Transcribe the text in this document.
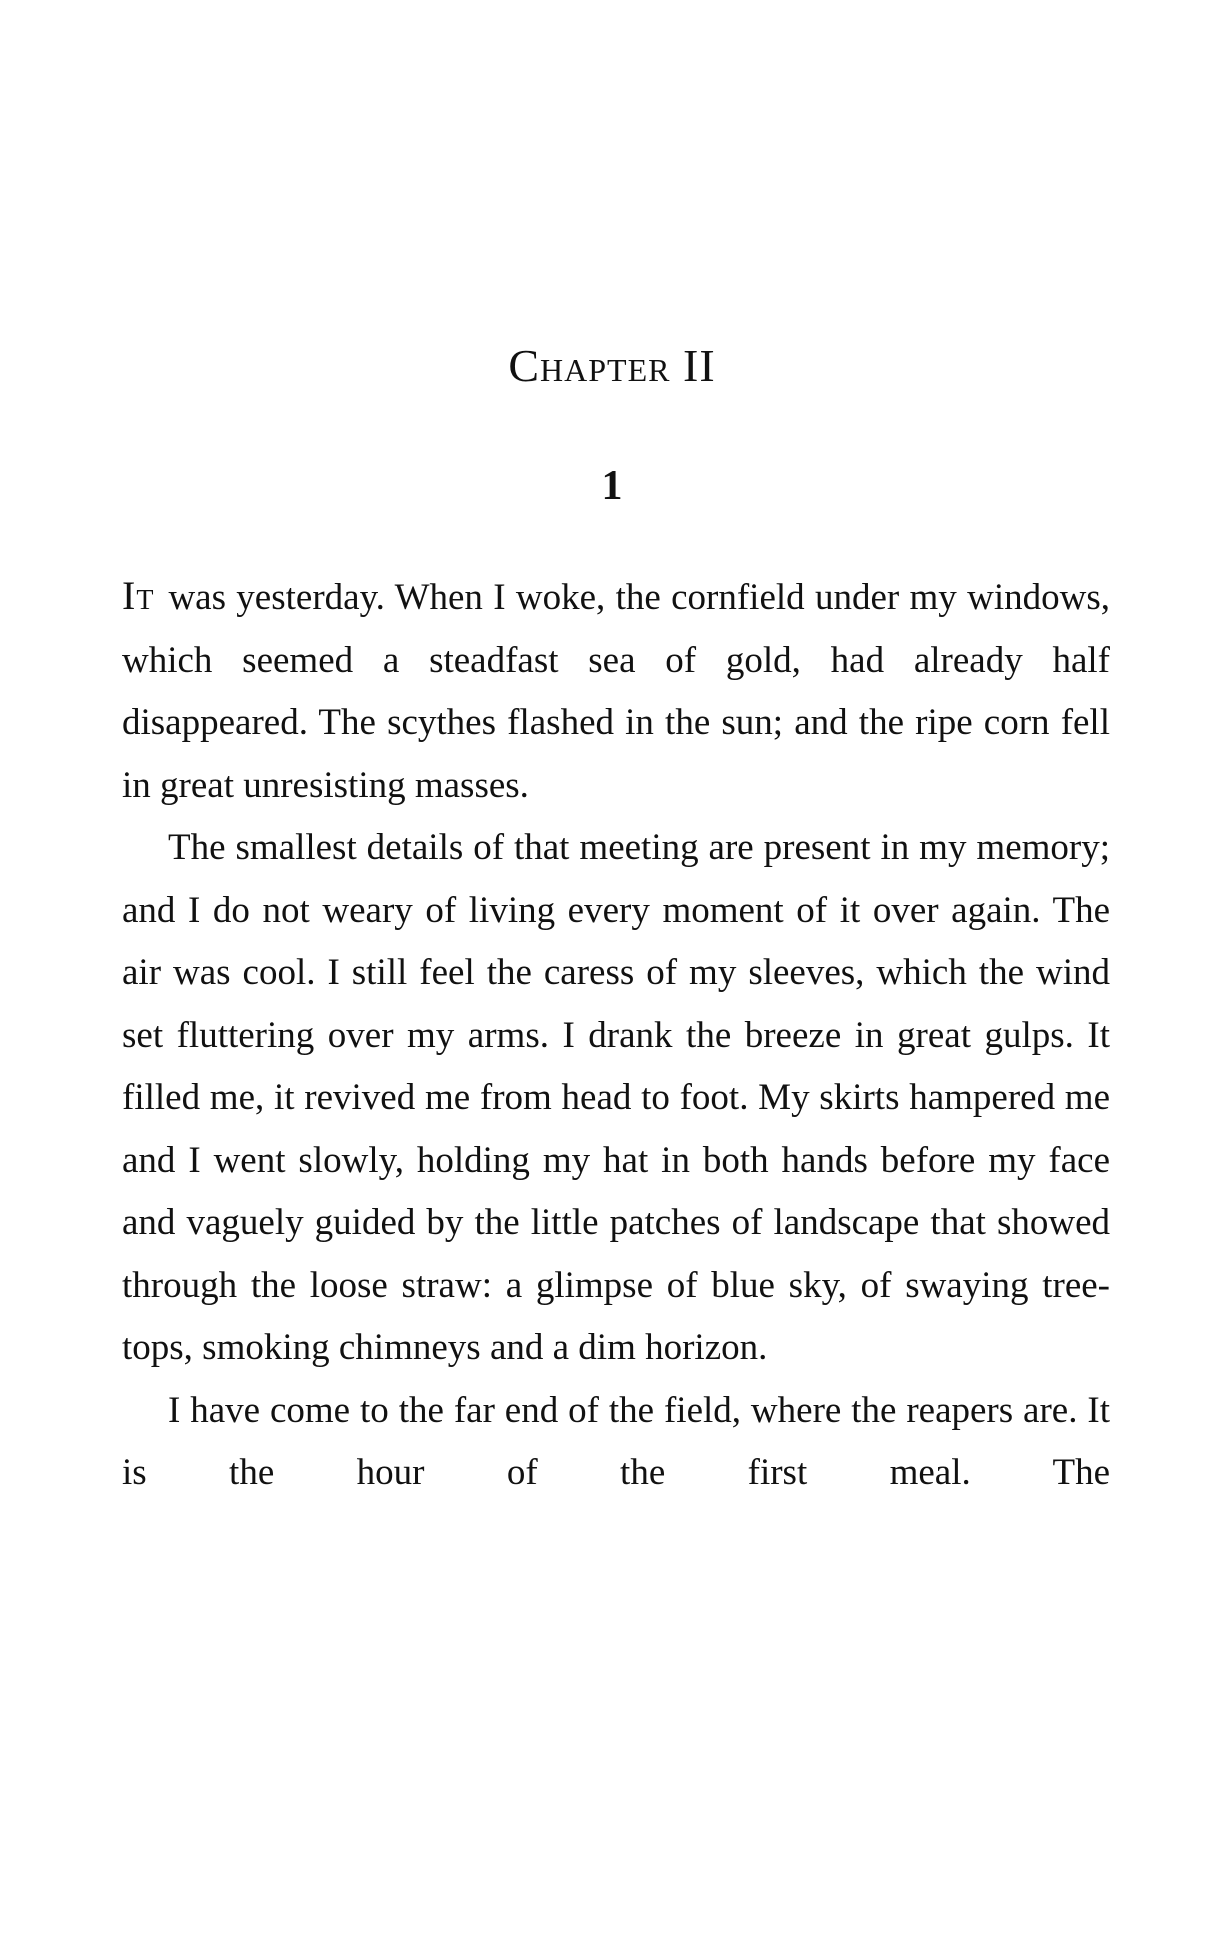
Chapter II
1

It was yesterday. When I woke, the cornfield under my windows, which seemed a steadfast sea of gold, had already half disappeared. The scythes flashed in the sun; and the ripe corn fell in great unresisting masses.

The smallest details of that meeting are present in my memory; and I do not weary of living every moment of it over again. The air was cool. I still feel the caress of my sleeves, which the wind set fluttering over my arms. I drank the breeze in great gulps. It filled me, it revived me from head to foot. My skirts hampered me and I went slowly, holding my hat in both hands before my face and vaguely guided by the little patches of landscape that showed through the loose straw: a glimpse of blue sky, of swaying tree-tops, smoking chimneys and a dim horizon.

I have come to the far end of the field, where the reapers are. It is the hour of the first meal. The
